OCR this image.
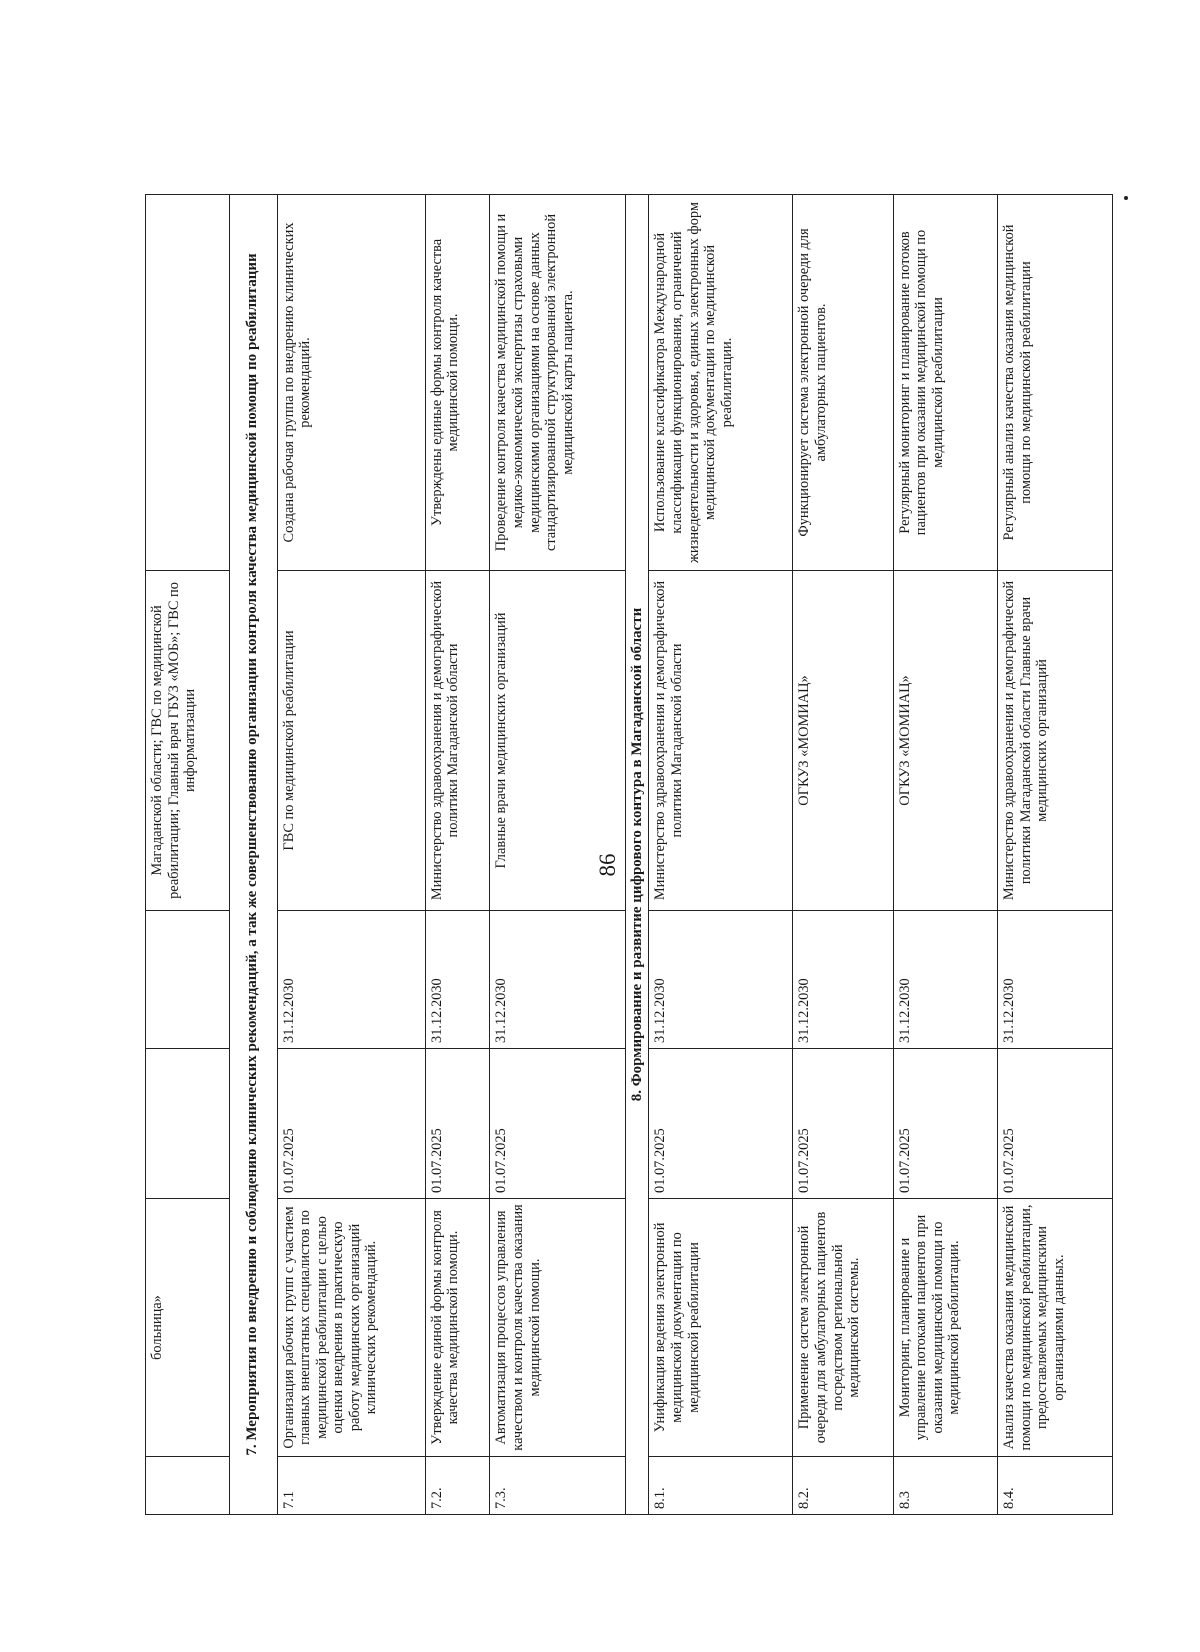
86
	больница»			Магаданской области; ГВС по медицинской реабилитации; Главный врач ГБУЗ «МОБ»; ГВС по информатизации	
7. Мероприятия по внедрению и соблюдению клинических рекомендаций, а так же совершенствованию организации контроля качества медицинской помощи по реабилитации					
7.1	Организация рабочих групп с участием главных внештатных специалистов по медицинской реабилитации с целью оценки внедрения в практическую работу медицинских организаций клинических рекомендаций.	01.07.2025	31.12.2030	ГВС по медицинской реабилитации	Создана рабочая группа по внедрению клинических рекомендаций.
7.2.	Утверждение единой формы контроля качества медицинской помощи.	01.07.2025	31.12.2030	Министерство здравоохранения и демографической политики Магаданской области	Утверждены единые формы контроля качества медицинской помощи.
7.3.	Автоматизация процессов управления качеством и контроля качества оказания медицинской помощи.	01.07.2025	31.12.2030	Главные врачи медицинских организаций	Проведение контроля качества медицинской помощи и медико-экономической экспертизы страховыми медицинскими организациями на основе данных стандартизированной структурированной электронной медицинской карты пациента.
8. Формирование и развитие цифрового контура в Магаданской области					
8.1.	Унификация ведения электронной медицинской документации по медицинской реабилитации	01.07.2025	31.12.2030	Министерство здравоохранения и демографической политики Магаданской области	Использование классификатора Международной классификации функционирования, ограничений жизнедеятельности и здоровья, единых электронных форм медицинской документации по медицинской реабилитации.
8.2.	Применение систем электронной очереди для амбулаторных пациентов посредством региональной медицинской системы.	01.07.2025	31.12.2030	ОГКУЗ «МОМИАЦ»	Функционирует система электронной очереди для амбулаторных пациентов.
8.3	Мониторинг, планирование и управление потоками пациентов при оказании медицинской помощи по медицинской реабилитации.	01.07.2025	31.12.2030	ОГКУЗ «МОМИАЦ»	Регулярный мониторинг и планирование потоков пациентов при оказании медицинской помощи по медицинской реабилитации
8.4.	Анализ качества оказания медицинской помощи по медицинской реабилитации, предоставляемых медицинскими организациями данных.	01.07.2025	31.12.2030	Министерство здравоохранения и демографической политики Магаданской области Главные врачи медицинских организаций	Регулярный анализ качества оказания медицинской помощи по медицинской реабилитации
